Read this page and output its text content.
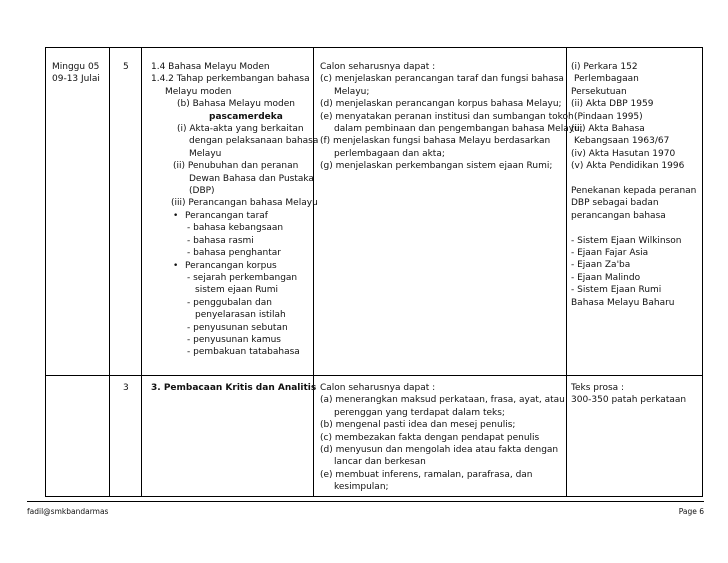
Minggu 05
09-13 Julai
5 1.4 Bahasa Melayu Moden
1.4.2 Tahap perkembangan bahasa
Melayu moden
(b) Bahasa Melayu moden
pascamerdeka
(i) Akta-akta yang berkaitan
dengan pelaksanaan bahasa
Melayu
(ii) Penubuhan dan peranan
Dewan Bahasa dan Pustaka
(DBP)
(iii) Perancangan bahasa Melayu
• Perancangan taraf
- bahasa kebangsaan
- bahasa rasmi
- bahasa penghantar
• Perancangan korpus
- sejarah perkembangan
sistem ejaan Rumi
- penggubalan dan
penyelarasan istilah
- penyusunan sebutan
- penyusunan kamus
- pembakuan tatabahasa
Calon seharusnya dapat :
(c) menjelaskan perancangan taraf dan fungsi bahasa
Melayu;
(d) menjelaskan perancangan korpus bahasa Melayu;
(e) menyatakan peranan institusi dan sumbangan tokoh
dalam pembinaan dan pengembangan bahasa Melayu;
(f) menjelaskan fungsi bahasa Melayu berdasarkan
perlembagaan dan akta;
(g) menjelaskan perkembangan sistem ejaan Rumi;
(i) Perkara 152
Perlembagaan
Persekutuan
(ii) Akta DBP 1959
(Pindaan 1995)
(iii) Akta Bahasa
Kebangsaan 1963/67
(iv) Akta Hasutan 1970
(v) Akta Pendidikan 1996
Penekanan kepada peranan
DBP sebagai badan
perancangan bahasa
- Sistem Ejaan Wilkinson
- Ejaan Fajar Asia
- Ejaan Za'ba
- Ejaan Malindo
- Sistem Ejaan Rumi
Bahasa Melayu Baharu
3 3. Pembacaan Kritis dan Analitis Calon seharusnya dapat :
(a) menerangkan maksud perkataan, frasa, ayat, atau
perenggan yang terdapat dalam teks;
(b) mengenal pasti idea dan mesej penulis;
(c) membezakan fakta dengan pendapat penulis
(d) menyusun dan mengolah idea atau fakta dengan
lancar dan berkesan
(e) membuat inferens, ramalan, parafrasa, dan
kesimpulan;
Teks prosa :
300-350 patah perkataan
fadil@smkbandarmas	Page 6
